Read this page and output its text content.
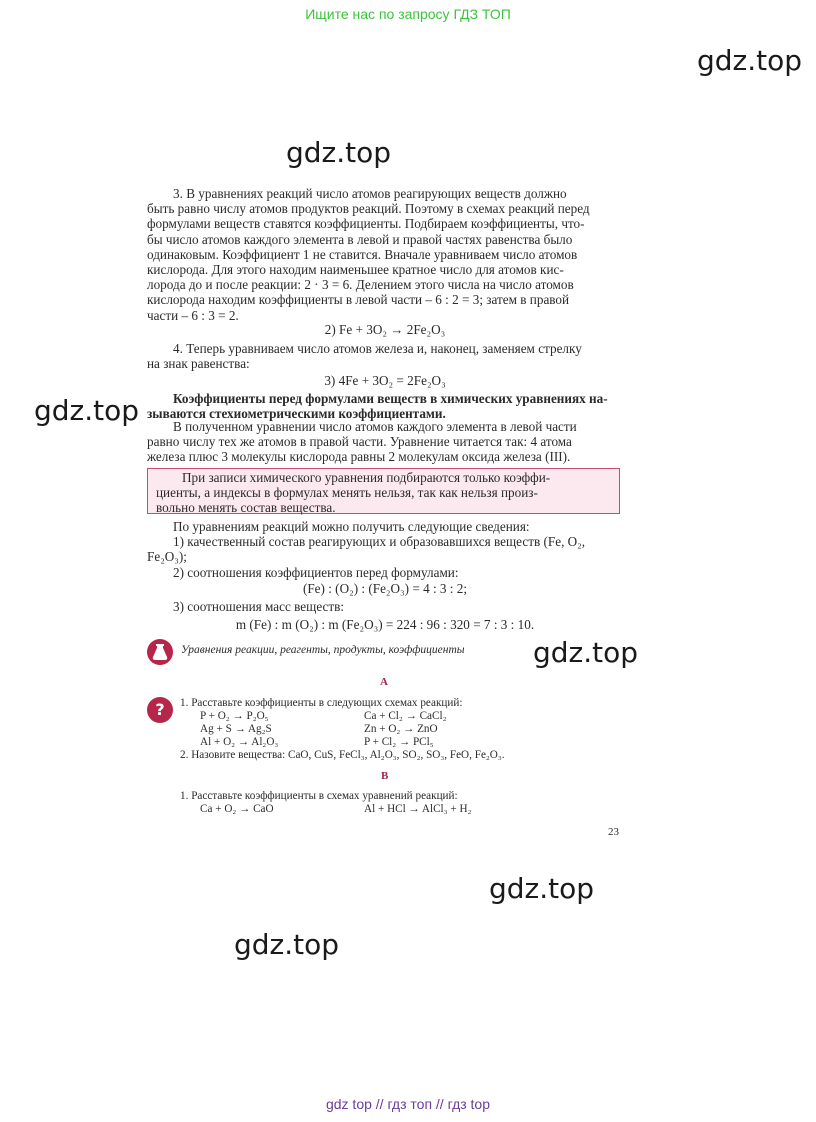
Ищите нас по запросу ГДЗ ТОП
gdz.top
gdz.top
gdz.top
gdz.top
gdz.top
gdz.top
3. В уравнениях реакций число атомов реагирующих веществ должно
быть равно числу атомов продуктов реакций. Поэтому в схемах реакций перед
формулами веществ ставятся коэффициенты. Подбираем коэффициенты, что-
бы число атомов каждого элемента в левой и правой частях равенства было
одинаковым. Коэффициент 1 не ставится. Вначале уравниваем число атомов
кислорода. Для этого находим наименьшее кратное число для атомов кис-
лорода до и после реакции: 2 · 3 = 6. Делением этого числа на число атомов
кислорода находим коэффициенты в левой части – 6 : 2 = 3; затем в правой
части – 6 : 3 = 2.
2) Fe + 3O₂ → 2Fe₂O₃
4. Теперь уравниваем число атомов железа и, наконец, заменяем стрелку
на знак равенства:
3) 4Fe + 3O₂ = 2Fe₂O₃
Коэффициенты перед формулами веществ в химических уравнениях на-
зываются стехиометрическими коэффициентами.
В полученном уравнении число атомов каждого элемента в левой части
равно числу тех же атомов в правой части. Уравнение читается так: 4 атома
железа плюс 3 молекулы кислорода равны 2 молекулам оксида железа (III).
При записи химического уравнения подбираются только коэффи-
циенты, а индексы в формулах менять нельзя, так как нельзя произ-
вольно менять состав вещества.
По уравнениям реакций можно получить следующие сведения:
1) качественный состав реагирующих и образовавшихся веществ (Fe, O₂,
Fe₂O₃);
2) соотношения коэффициентов перед формулами:
(Fe) : (O₂) : (Fe₂O₃) = 4 : 3 : 2;
3) соотношения масс веществ:
m (Fe) : m (O₂) : m (Fe₂O₃) = 224 : 96 : 320 = 7 : 3 : 10.
Уравнения реакции, реагенты, продукты, коэффициенты
А
?	1. Расставьте коэффициенты в следующих схемах реакций:
P + O₂ → P₂O₅
Ag + S → Ag₂S
Al + O₂ → Al₂O₃
Ca + Cl₂ → CaCl₂
Zn + O₂ → ZnO
P + Cl₂ → PCl₅
2. Назовите вещества: CaO, CuS, FeCl₃, Al₂O₃, SO₂, SO₃, FeO, Fe₂O₃.
В
1. Расставьте коэффициенты в схемах уравнений реакций:
Ca + O₂ → CaO	Al + HCl → AlCl₃ + H₂
23
gdz top // гдз топ // гдз top
